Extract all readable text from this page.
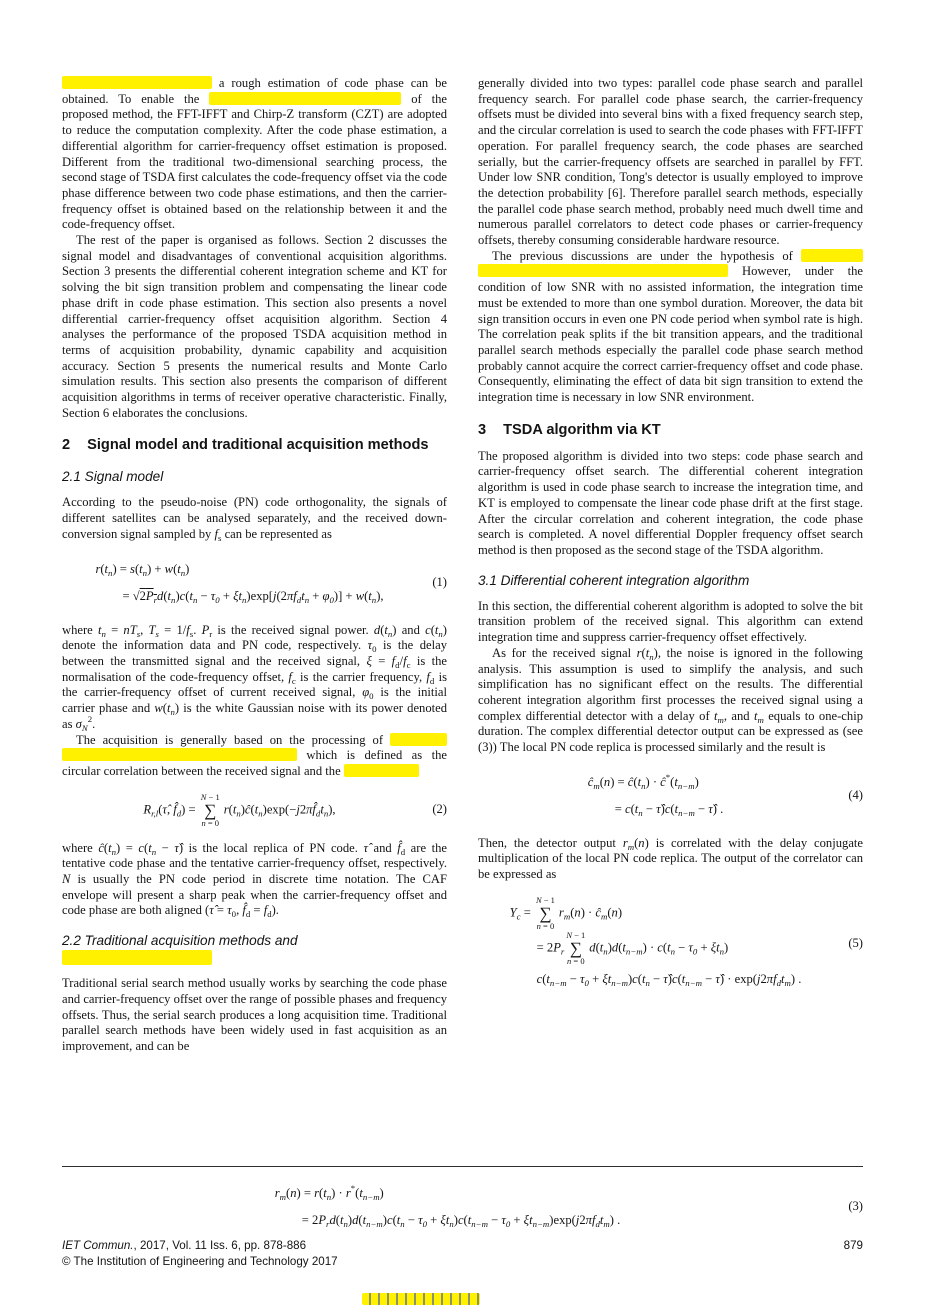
a rough estimation of code phase can be obtained. To enable the	of the proposed method, the FFT-IFFT and Chirp-Z transform (CZT) are adopted to reduce the computation complexity. After the code phase estimation, a differential algorithm for carrier-frequency offset estimation is proposed. Different from the traditional two-dimensional searching process, the second stage of TSDA first calculates the code-frequency offset via the code phase difference between two code phase estimations, and then the carrier-frequency offset is obtained based on the relationship between it and the code-frequency offset.

The rest of the paper is organised as follows. Section 2 discusses the signal model and disadvantages of conventional acquisition algorithms. Section 3 presents the differential coherent integration scheme and KT for solving the bit sign transition problem and compensating the linear code phase drift in code phase estimation. This section also presents a novel differential carrier-frequency offset acquisition algorithm. Section 4 analyses the performance of the proposed TSDA acquisition method in terms of acquisition probability, dynamic capability and acquisition accuracy. Section 5 presents the numerical results and Monte Carlo simulation results. This section also presents the comparison of different acquisition algorithms in terms of receiver operative characteristic. Finally, Section 6 elaborates the conclusions.

2 Signal model and traditional acquisition methods
2.1 Signal model

According to the pseudo-noise (PN) code orthogonality, the signals of different satellites can be analysed separately, and the received down-conversion signal sampled by $f_s$ can be represented as

$r(t_n) = s(t_n) + w(t_n)$
= $√2P_rd(t_n)c(t_n - \tau_0 + \xi t_n)\exp[j(2\pi f_dt_n + \varphi_0)] + w(t_n)$,
(1)

where $t_n = nT_s$, $T_s = 1/f_s$. $P_r$ is the received signal power. $d(t_n)$ and $c(t_n)$ denote the information data and PN code, respectively. $\tau_0$ is the delay between the transmitted signal and the received signal, $\xi = f_d/f_c$ is the normalisation of the code-frequency offset, $f_c$ is the carrier frequency, $f_d$ is the carrier-frequency offset of current received signal, $\varphi_0$ is the initial carrier phase and $w(t_n)$ is the white Gaussian noise with its power denoted as $\sigma_N^2$.

The acquisition is generally based on the processing of   which is defined as the circular correlation between the received signal and the

$R_{r,l}(\taû$, $f̂_d$) =
N − 1
∑
n = 0
$r(t_n)ĉ(t_n)\exp(-j2\pi f̂_dt_n)$,	(2)

where $ĉ(t_n) = c(t_n$ − τ̂) is the local replica of PN code. τ̂ and $f̂_d$ are the tentative code phase and the tentative carrier-frequency offset, respectively. N is usually the PN code period in discrete time notation. The CAF envelope will present a sharp peak when the carrier-frequency offset and code phase are both aligned (τ̂ = $\tau_0$, $f̂_d = f_d$).

2.2 Traditional acquisition methods and

Traditional serial search method usually works by searching the code phase and carrier-frequency offset over the range of possible phases and frequency offsets. Thus, the serial search produces a long acquisition time. Traditional parallel search methods have been widely used in fast acquisition as an improvement, and can be

generally divided into two types: parallel code phase search and parallel frequency search. For parallel code phase search, the carrier-frequency offsets must be divided into several bins with a fixed frequency search step, and the circular correlation is used to search the code phases with FFT-IFFT operation. For parallel frequency search, the code phases are searched serially, but the carrier-frequency offsets are searched in parallel by FFT. Under low SNR condition, Tong's detector is usually employed to improve the detection probability [6]. Therefore parallel search methods, especially the parallel code phase search method, probably need much dwell time and numerous parallel correlators to detect code phases or carrier-frequency offsets, thereby consuming considerable hardware resource.

The previous discussions are under the hypothesis of   However, under the condition of low SNR with no assisted information, the integration time must be extended to more than one symbol duration. Moreover, the data bit sign transition occurs in even one PN code period when symbol rate is high. The correlation peak splits if the bit transition appears, and the traditional parallel search methods especially the parallel code phase search method probably cannot acquire the correct carrier-frequency offset and code phase. Consequently, eliminating the effect of data bit sign transition to extend the integration time is necessary in low SNR environment.

3 TSDA algorithm via KT

The proposed algorithm is divided into two steps: code phase search and carrier-frequency offset search. The differential coherent integration algorithm is used in code phase search to increase the integration time, and KT is employed to compensate the linear code phase drift at the first stage. After the circular correlation and coherent integration, the code phase search is completed. A novel differential Doppler frequency offset search method is then proposed as the second stage of the TSDA algorithm.

3.1 Differential coherent integration algorithm

In this section, the differential coherent algorithm is adopted to solve the bit transition problem of the received signal. This algorithm can extend integration time and suppress carrier-frequency offset effectively.

As for the received signal $r(t_n)$, the noise is ignored in the following analysis. This assumption is used to simplify the analysis, and such simplification has no significant effect on the results. The differential coherent integration algorithm first processes the received signal using a complex differential detector with a delay of $t_m$, and $t_m$ equals to one-chip duration. The complex differential detector output can be expressed as (see (3)) The local PN code replica is processed similarly and the result is

$ĉ_m(n)$ = $ĉ(t_n)$ · $ĉ^*(t_{n-m})$
= $c(t_n$ − $\taû)c(t_{n-m}$ − τ̂) .
(4)

Then, the detector output $r_m(n)$ is correlated with the delay conjugate multiplication of the local PN code replica. The output of the correlator can be expressed as

$Y_c$ =
N − 1
∑
n = 0
$r_m(n)$ · $ĉ_m(n)$
= $2P_r$
N − 1
∑
n = 0
$d(t_n)d(t_{n-m}) \cdot c(t_n - \tau_0 + \xi t_n)$
$c(t_{n-m} - \tau_0 + \xi t_{n-m})c(t_n$ − $\taû)c(t_{n-m}$ − τ̂) · $\exp(j2\pi f_dt_m)$ .
(5)
$r_m(n) = r(t_n) \cdot r^*(t_{n-m})$
= $2P_rd(t_n)d(t_{n-m})c(t_n - \tau_0 + \xi t_n)c(t_{n-m} - \tau_0 + \xi t_{n-m})\exp(j2\pi f_dt_m)$ .
(3)
IET Commun., 2017, Vol. 11 Iss. 6, pp. 878-886
© The Institution of Engineering and Technology 2017
879
